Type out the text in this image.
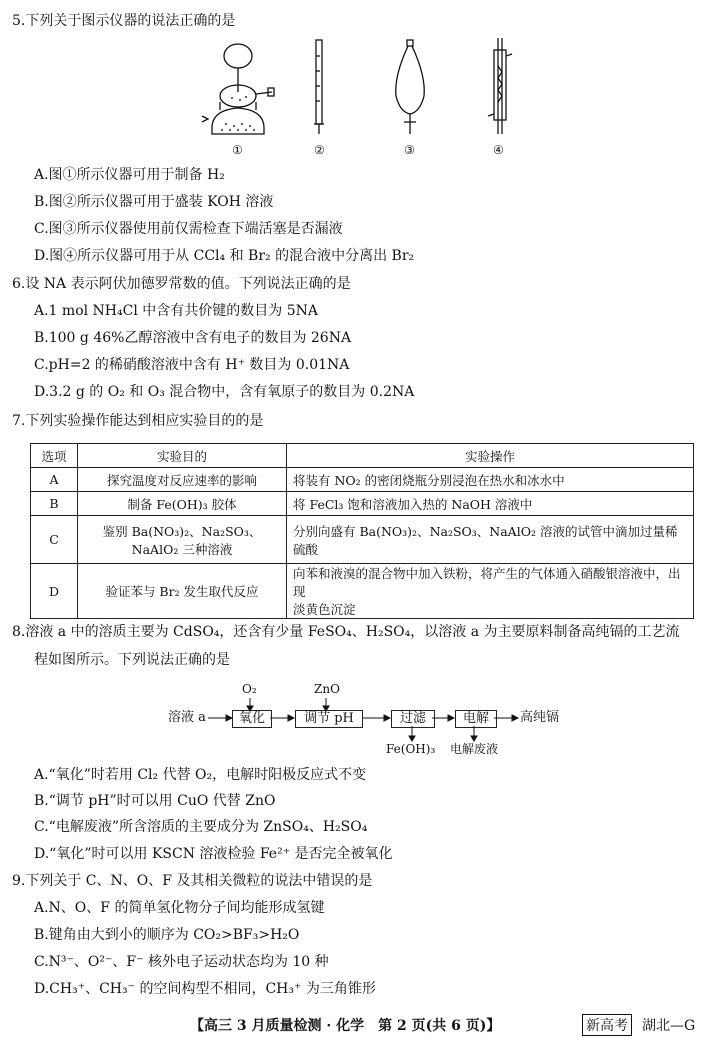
5.下列关于图示仪器的说法正确的是
①	②	③	④
A.图①所示仪器可用于制备 H₂
B.图②所示仪器可用于盛装 KOH 溶液
C.图③所示仪器使用前仅需检查下端活塞是否漏液
D.图④所示仪器可用于从 CCl₄ 和 Br₂ 的混合液中分离出 Br₂
6.设 NA 表示阿伏加德罗常数的值。下列说法正确的是
A.1 mol NH₄Cl 中含有共价键的数目为 5NA
B.100 g 46%乙醇溶液中含有电子的数目为 26NA
C.pH=2 的稀硝酸溶液中含有 H⁺ 数目为 0.01NA
D.3.2 g 的 O₂ 和 O₃ 混合物中，含有氧原子的数目为 0.2NA
7.下列实验操作能达到相应实验目的的是
选项	实验目的	实验操作
A	探究温度对反应速率的影响	将装有 NO₂ 的密闭烧瓶分别浸泡在热水和冰水中
B	制备 Fe(OH)₃ 胶体	将 FeCl₃ 饱和溶液加入热的 NaOH 溶液中
C	鉴别 Ba(NO₃)₂、Na₂SO₃、
NaAlO₂ 三种溶液	分别向盛有 Ba(NO₃)₂、Na₂SO₃、NaAlO₂ 溶液的试管中滴加过量稀硫酸
D	验证苯与 Br₂ 发生取代反应	向苯和液溴的混合物中加入铁粉，将产生的气体通入硝酸银溶液中，出现
淡黄色沉淀
8.溶液 a 中的溶质主要为 CdSO₄，还含有少量 FeSO₄、H₂SO₄，以溶液 a 为主要原料制备高纯镉的工艺流
程如图所示。下列说法正确的是
溶液 a
O₂
氧化
ZnO
调节 pH	过滤
Fe(OH)₃
电解
电解废液
高纯镉
A.“氧化”时若用 Cl₂ 代替 O₂，电解时阳极反应式不变
B.“调节 pH”时可以用 CuO 代替 ZnO
C.“电解废液”所含溶质的主要成分为 ZnSO₄、H₂SO₄
D.“氧化”时可以用 KSCN 溶液检验 Fe²⁺ 是否完全被氧化
9.下列关于 C、N、O、F 及其相关微粒的说法中错误的是
A.N、O、F 的简单氢化物分子间均能形成氢键
B.键角由大到小的顺序为 CO₂>BF₃>H₂O
C.N³⁻、O²⁻、F⁻ 核外电子运动状态均为 10 种
D.CH₃⁺、CH₃⁻ 的空间构型不相同，CH₃⁺ 为三角锥形
【高三 3 月质量检测 · 化学　第 2 页(共 6 页)】	新高考 湖北—G
